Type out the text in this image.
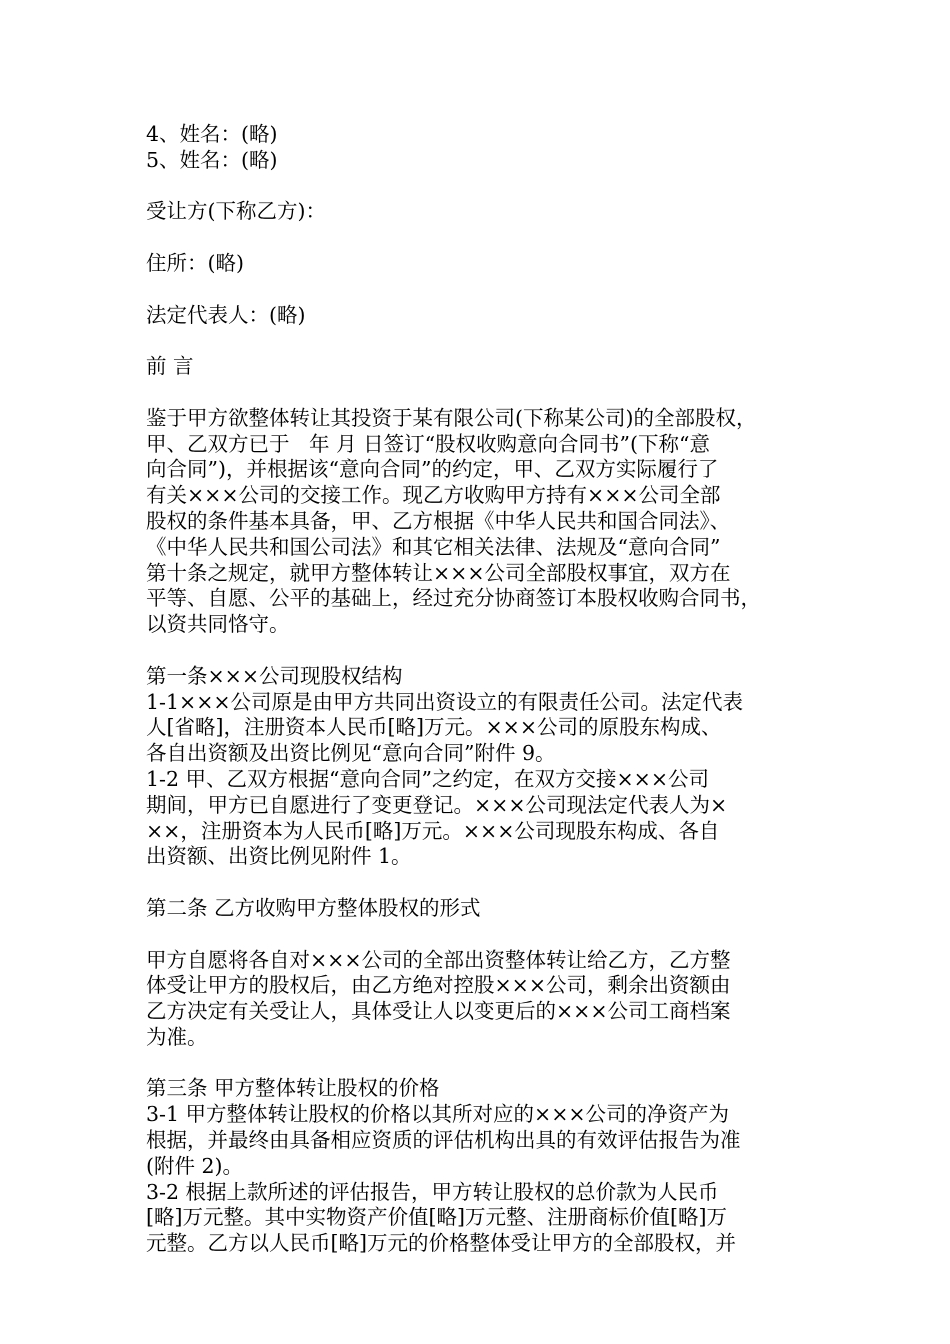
4、姓名：(略)
5、姓名：(略)
受让方(下称乙方)：
住所：(略)
法定代表人：(略)
前 言
鉴于甲方欲整体转让其投资于某有限公司(下称某公司)的全部股权，
甲、乙双方已于   年 月 日签订“股权收购意向合同书”(下称“意
向合同”)，并根据该“意向合同”的约定，甲、乙双方实际履行了
有关×××公司的交接工作。现乙方收购甲方持有×××公司全部
股权的条件基本具备，甲、乙方根据《中华人民共和国合同法》、
《中华人民共和国公司法》和其它相关法律、法规及“意向合同”
第十条之规定，就甲方整体转让×××公司全部股权事宜，双方在
平等、自愿、公平的基础上，经过充分协商签订本股权收购合同书，
以资共同恪守。
第一条×××公司现股权结构
1-1×××公司原是由甲方共同出资设立的有限责任公司。法定代表
人[省略]，注册资本人民币[略]万元。×××公司的原股东构成、
各自出资额及出资比例见“意向合同”附件 9。
1-2 甲、乙双方根据“意向合同”之约定，在双方交接×××公司
期间，甲方已自愿进行了变更登记。×××公司现法定代表人为×
××，注册资本为人民币[略]万元。×××公司现股东构成、各自
出资额、出资比例见附件 1。
第二条 乙方收购甲方整体股权的形式
甲方自愿将各自对×××公司的全部出资整体转让给乙方，乙方整
体受让甲方的股权后，由乙方绝对控股×××公司，剩余出资额由
乙方决定有关受让人，具体受让人以变更后的×××公司工商档案
为准。
第三条 甲方整体转让股权的价格
3-1 甲方整体转让股权的价格以其所对应的×××公司的净资产为
根据，并最终由具备相应资质的评估机构出具的有效评估报告为准
(附件 2)。
3-2 根据上款所述的评估报告，甲方转让股权的总价款为人民币
[略]万元整。其中实物资产价值[略]万元整、注册商标价值[略]万
元整。乙方以人民币[略]万元的价格整体受让甲方的全部股权，并
